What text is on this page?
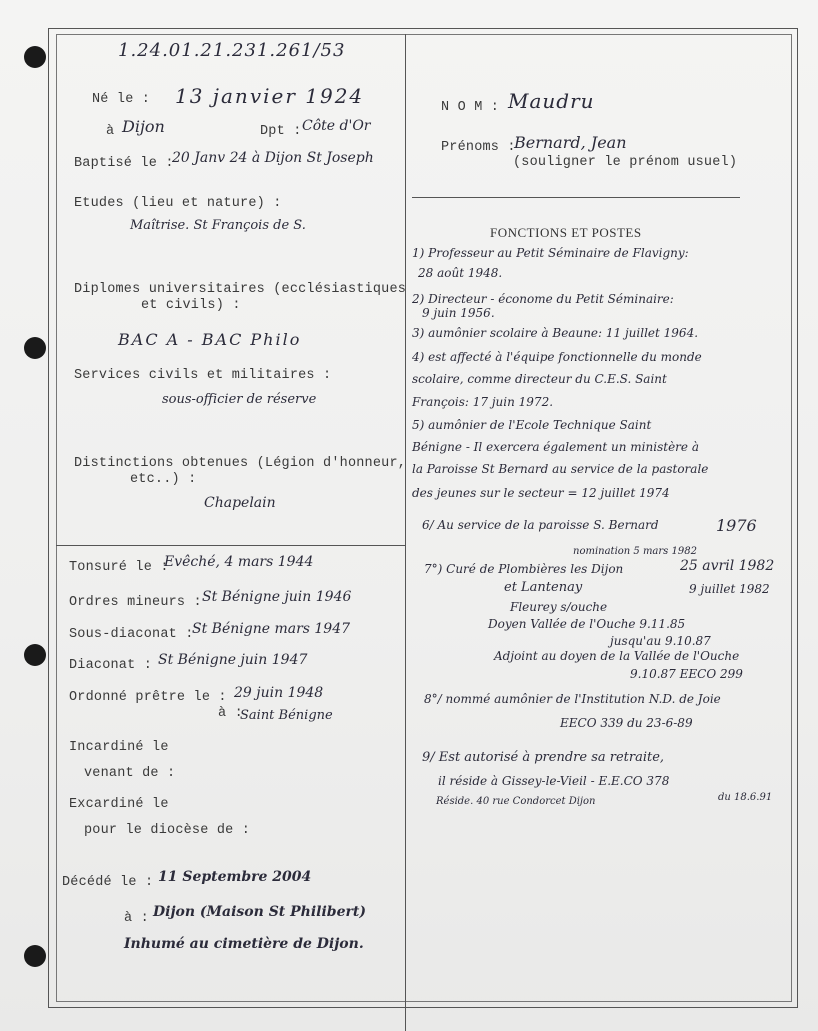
1.24.01.21.231.261/53
Né le : 13 janvier 1924
à Dijon	Dpt : Côte d'Or
Baptisé le :
20 Janv 24 à Dijon St Joseph
Etudes (lieu et nature) :
Maîtrise. St François de S.
Diplomes universitaires (ecclésiastiques
et civils) :
BAC A - BAC Philo
Services civils et militaires :
sous-officier de réserve
Distinctions obtenues (Légion d'honneur,
etc..) :
Chapelain
Tonsuré le :
Evêché, 4 mars 1944
Ordres mineurs : St Bénigne juin 1946
Sous-diaconat :
St Bénigne mars 1947
Diaconat : St Bénigne juin 1947
Ordonné prêtre le : 29 juin 1948
à :
Saint Bénigne
Incardiné le
venant de :
Excardiné le
pour le diocèse de :
Décédé le : 11 Septembre 2004
à : Dijon (Maison St Philibert)
Inhumé au cimetière de Dijon.
N O M : Maudru
Prénoms :
Bernard, Jean
(souligner le prénom usuel)
FONCTIONS ET POSTES
1) Professeur au Petit Séminaire de Flavigny:
28 août 1948.
2) Directeur - économe du Petit Séminaire:
9 juin 1956.
3) aumônier scolaire à Beaune: 11 juillet 1964.
4) est affecté à l'équipe fonctionnelle du monde
scolaire, comme directeur du C.E.S. Saint
François: 17 juin 1972.
5) aumônier de l'Ecole Technique Saint
Bénigne - Il exercera également un ministère à
la Paroisse St Bernard au service de la pastorale
des jeunes sur le secteur = 12 juillet 1974
6/ Au service de la paroisse S. Bernard	1976
nomination 5 mars 1982
7°) Curé de Plombières les Dijon	25 avril 1982
et Lantenay	9 juillet 1982
Fleurey s/ouche
Doyen Vallée de l'Ouche 9.11.85
jusqu'au 9.10.87
Adjoint au doyen de la Vallée de l'Ouche
9.10.87 EECO 299
8°/ nommé aumônier de l'Institution N.D. de Joie
EECO 339 du 23-6-89
9/ Est autorisé à prendre sa retraite,
il réside à Gissey-le-Vieil - E.E.CO 378
du 18.6.91
Réside. 40 rue Condorcet Dijon
